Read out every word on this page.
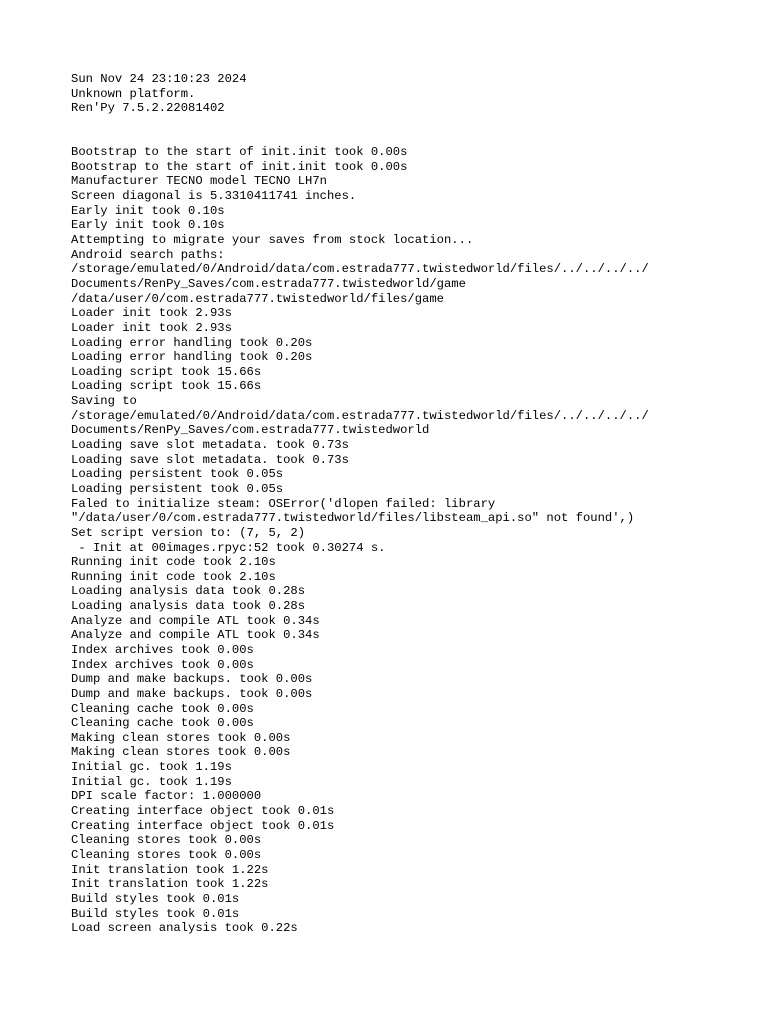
Sun Nov 24 23:10:23 2024
Unknown platform.
Ren'Py 7.5.2.22081402
Bootstrap to the start of init.init took 0.00s
Bootstrap to the start of init.init took 0.00s
Manufacturer TECNO model TECNO LH7n
Screen diagonal is 5.3310411741 inches.
Early init took 0.10s
Early init took 0.10s
Attempting to migrate your saves from stock location...
Android search paths:
/storage/emulated/0/Android/data/com.estrada777.twistedworld/files/../../../../
Documents/RenPy_Saves/com.estrada777.twistedworld/game
/data/user/0/com.estrada777.twistedworld/files/game
Loader init took 2.93s
Loader init took 2.93s
Loading error handling took 0.20s
Loading error handling took 0.20s
Loading script took 15.66s
Loading script took 15.66s
Saving to
/storage/emulated/0/Android/data/com.estrada777.twistedworld/files/../../../../
Documents/RenPy_Saves/com.estrada777.twistedworld
Loading save slot metadata. took 0.73s
Loading save slot metadata. took 0.73s
Loading persistent took 0.05s
Loading persistent took 0.05s
Faled to initialize steam: OSError('dlopen failed: library
"/data/user/0/com.estrada777.twistedworld/files/libsteam_api.so" not found',)
Set script version to: (7, 5, 2)
- Init at 00images.rpyc:52 took 0.30274 s.
Running init code took 2.10s
Running init code took 2.10s
Loading analysis data took 0.28s
Loading analysis data took 0.28s
Analyze and compile ATL took 0.34s
Analyze and compile ATL took 0.34s
Index archives took 0.00s
Index archives took 0.00s
Dump and make backups. took 0.00s
Dump and make backups. took 0.00s
Cleaning cache took 0.00s
Cleaning cache took 0.00s
Making clean stores took 0.00s
Making clean stores took 0.00s
Initial gc. took 1.19s
Initial gc. took 1.19s
DPI scale factor: 1.000000
Creating interface object took 0.01s
Creating interface object took 0.01s
Cleaning stores took 0.00s
Cleaning stores took 0.00s
Init translation took 1.22s
Init translation took 1.22s
Build styles took 0.01s
Build styles took 0.01s
Load screen analysis took 0.22s
